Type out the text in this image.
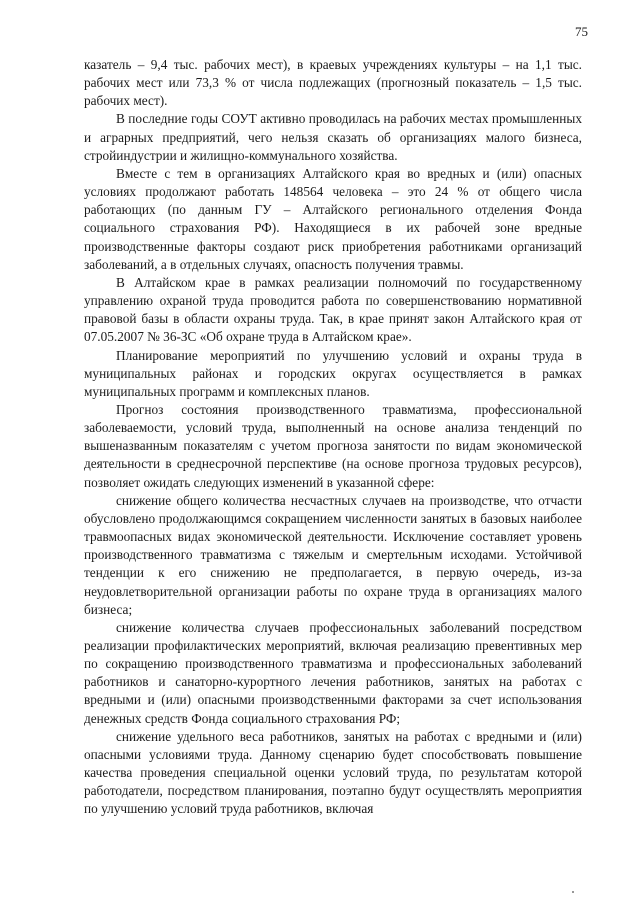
75

казатель – 9,4 тыс. рабочих мест), в краевых учреждениях культуры – на 1,1 тыс. рабочих мест или 73,3 % от числа подлежащих (прогнозный показатель – 1,5 тыс. рабочих мест).

В последние годы СОУТ активно проводилась на рабочих местах промышленных и аграрных предприятий, чего нельзя сказать об организациях малого бизнеса, стройиндустрии и жилищно-коммунального хозяйства.

Вместе с тем в организациях Алтайского края во вредных и (или) опасных условиях продолжают работать 148564 человека – это 24 % от общего числа работающих (по данным ГУ – Алтайского регионального отделения Фонда социального страхования РФ). Находящиеся в их рабочей зоне вредные производственные факторы создают риск приобретения работниками организаций заболеваний, а в отдельных случаях, опасность получения травмы.

В Алтайском крае в рамках реализации полномочий по государственному управлению охраной труда проводится работа по совершенствованию нормативной правовой базы в области охраны труда. Так, в крае принят закон Алтайского края от 07.05.2007 № 36-ЗС «Об охране труда в Алтайском крае».

Планирование мероприятий по улучшению условий и охраны труда в муниципальных районах и городских округах осуществляется в рамках муниципальных программ и комплексных планов.

Прогноз состояния производственного травматизма, профессиональной заболеваемости, условий труда, выполненный на основе анализа тенденций по вышеназванным показателям с учетом прогноза занятости по видам экономической деятельности в среднесрочной перспективе (на основе прогноза трудовых ресурсов), позволяет ожидать следующих изменений в указанной сфере:

снижение общего количества несчастных случаев на производстве, что отчасти обусловлено продолжающимся сокращением численности занятых в базовых наиболее травмоопасных видах экономической деятельности. Исключение составляет уровень производственного травматизма с тяжелым и смертельным исходами. Устойчивой тенденции к его снижению не предполагается, в первую очередь, из-за неудовлетворительной организации работы по охране труда в организациях малого бизнеса;

снижение количества случаев профессиональных заболеваний посредством реализации профилактических мероприятий, включая реализацию превентивных мер по сокращению производственного травматизма и профессиональных заболеваний работников и санаторно-курортного лечения работников, занятых на работах с вредными и (или) опасными производственными факторами за счет использования денежных средств Фонда социального страхования РФ;

снижение удельного веса работников, занятых на работах с вредными и (или) опасными условиями труда. Данному сценарию будет способствовать повышение качества проведения специальной оценки условий труда, по результатам которой работодатели, посредством планирования, поэтапно будут осуществлять мероприятия по улучшению условий труда работников, включая
